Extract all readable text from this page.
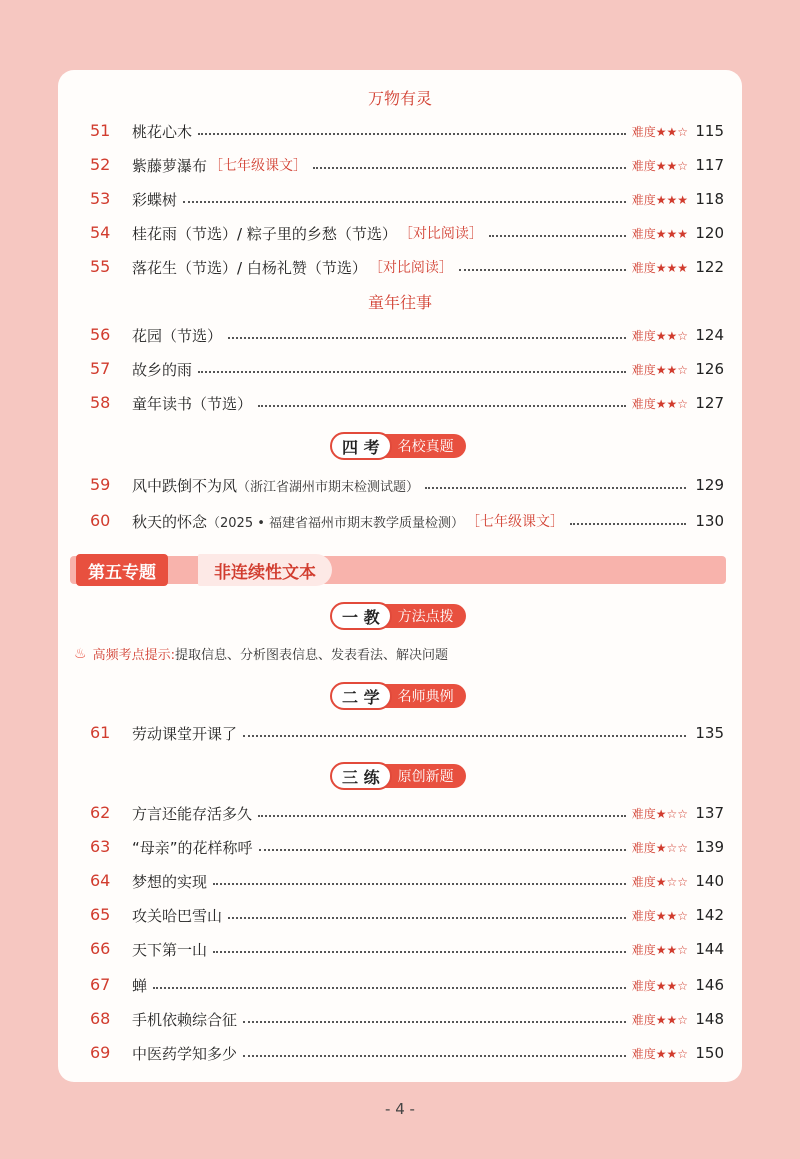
万物有灵
51 桃花心木	难度★★☆ 115
52 紫藤萝瀑布 ［七年级课文］	难度★★☆ 117
53 彩蝶树	难度★★★ 118
54 桂花雨（节选）/ 粽子里的乡愁（节选） ［对比阅读］	难度★★★ 120
55 落花生（节选）/ 白杨礼赞（节选） ［对比阅读］	难度★★★ 122
童年往事
56 花园（节选）	难度★★☆ 124
57 故乡的雨	难度★★☆ 126
58 童年读书（节选）	难度★★☆ 127
四 考	名校真题
59 风中跌倒不为风 （浙江省湖州市期末检测试题）	129
60 秋天的怀念 （2025 • 福建省福州市期末教学质量检测） ［七年级课文］	130
一 教	方法点拨
二 学	名师典例
61 劳动课堂开课了	135
三 练	原创新题
62 方言还能存活多久	难度★☆☆ 137
63 “母亲”的花样称呼	难度★☆☆ 139
64 梦想的实现	难度★☆☆ 140
65 攻关哈巴雪山	难度★★☆ 142
66 天下第一山	难度★★☆ 144
67 蝉	难度★★☆ 146
68 手机依赖综合征	难度★★☆ 148
69 中医药学知多少	难度★★☆ 150
第五专题	非连续性文本
♨ 高频考点提示: 提取信息、分析图表信息、发表看法、解决问题
- 4 -
